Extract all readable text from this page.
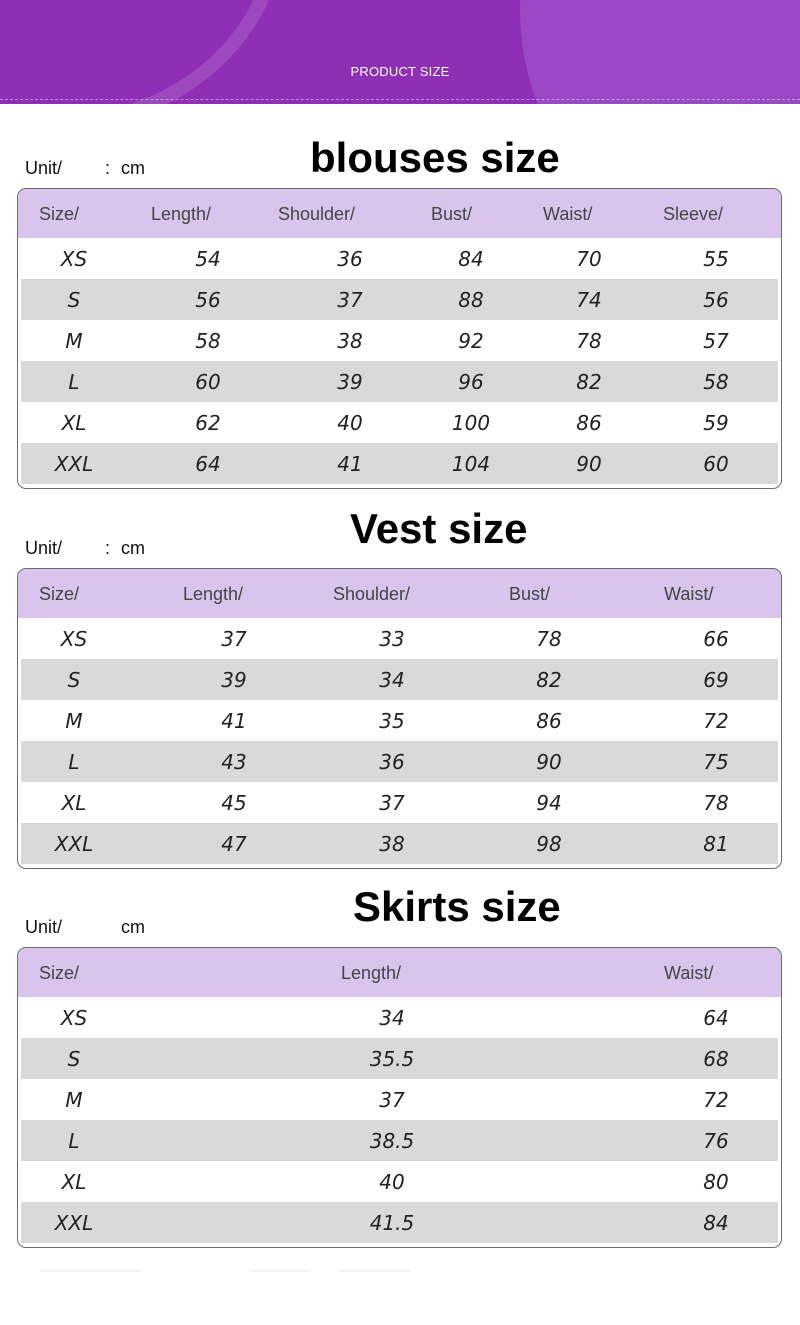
PRODUCT SIZE
blouses size
Unit/ : cm
Size/	Length/	Shoulder/	Bust/	Waist/	Sleeve/
XS	54	36	84	70	55
S	56	37	88	74	56
M	58	38	92	78	57
L	60	39	96	82	58
XL	62	40	100	86	59
XXL	64	41	104	90	60
Vest size
Unit/ : cm
Size/	Length/	Shoulder/	Bust/	Waist/
XS	37	33	78	66
S	39	34	82	69
M	41	35	86	72
L	43	36	90	75
XL	45	37	94	78
XXL	47	38	98	81
Skirts size
Unit/	cm
Size/	Length/	Waist/
XS	34	64
S	35.5	68
M	37	72
L	38.5	76
XL	40	80
XXL	41.5	84
